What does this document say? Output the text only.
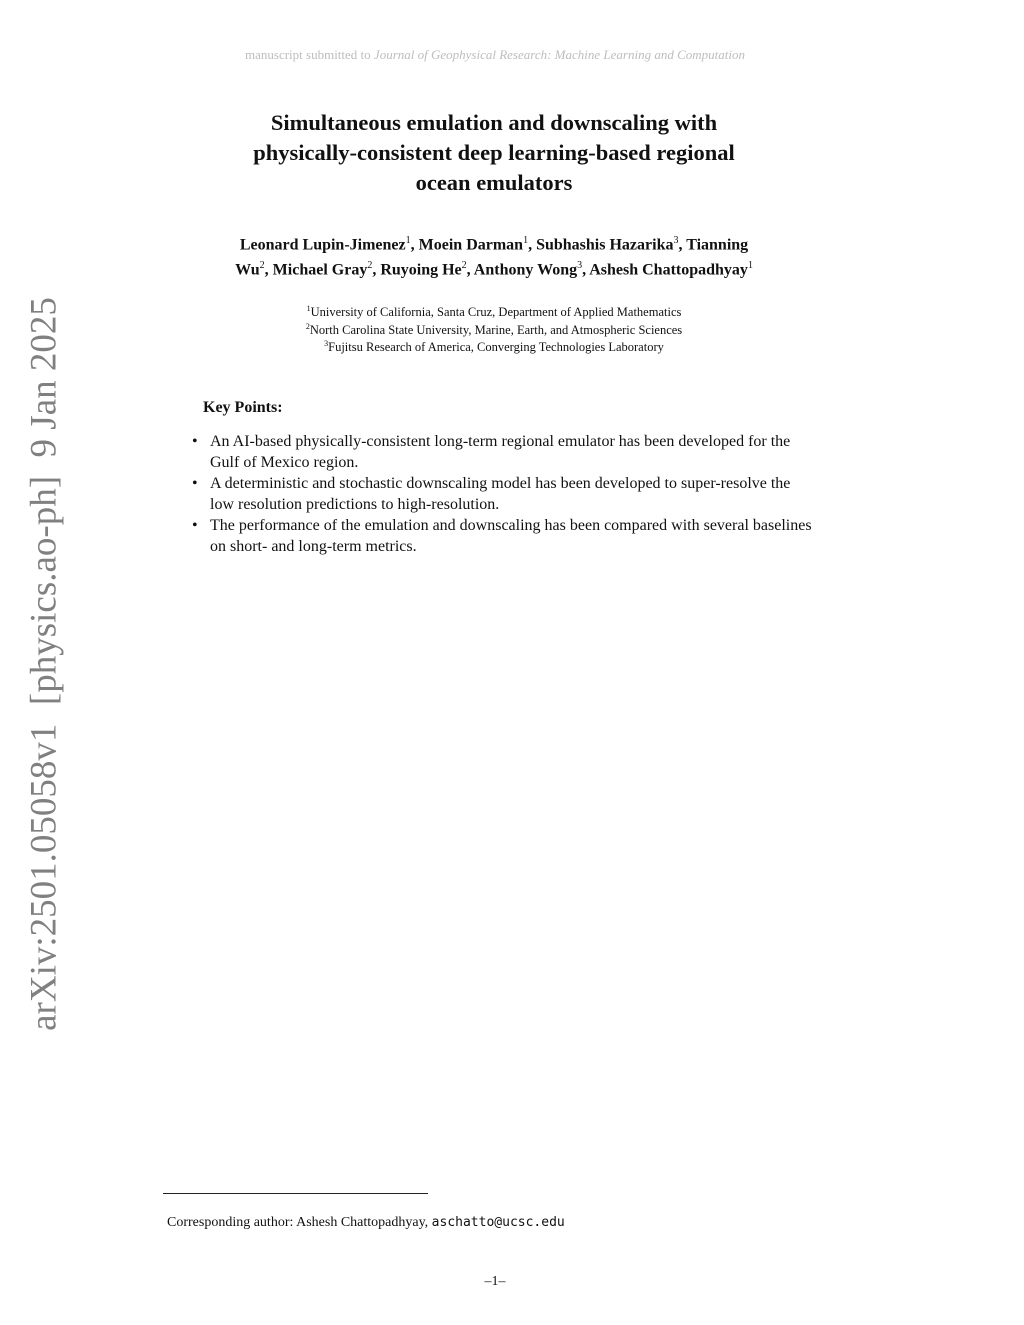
manuscript submitted to Journal of Geophysical Research: Machine Learning and Computation
Simultaneous emulation and downscaling with
physically-consistent deep learning-based regional
ocean emulators
Leonard Lupin-Jimenez$^1$, Moein Darman$^1$, Subhashis Hazarika$^3$, Tianning
Wu$^2$, Michael Gray$^2$, Ruyoing He$^2$, Anthony Wong$^3$, Ashesh Chattopadhyay$^1$
$^1$University of California, Santa Cruz, Department of Applied Mathematics
$^2$North Carolina State University, Marine, Earth, and Atmospheric Sciences
$^3$Fujitsu Research of America, Converging Technologies Laboratory
arXiv:2501.05058v1  [physics.ao-ph]  9 Jan 2025	Key Points:
• An AI-based physically-consistent long-term regional emulator has been developed for the Gulf of Mexico region.
• A deterministic and stochastic downscaling model has been developed to super-resolve the low resolution predictions to high-resolution.
• The performance of the emulation and downscaling has been compared with several baselines on short- and long-term metrics.
Corresponding author: Ashesh Chattopadhyay, aschatto@ucsc.edu
–1–
